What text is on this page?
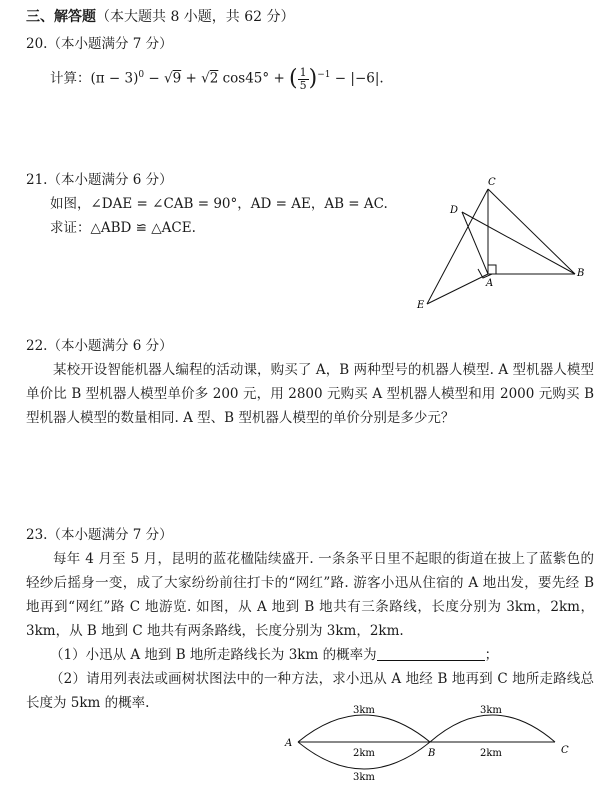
三、解答题（本大题共 8 小题，共 62 分）
20.（本小题满分 7 分）
计算：$(\pi - 3)^0 - √9 + √2$ cos45° + ( $\frac{1}{5} )^{-1} - |-6|$.
21.（本小题满分 6 分）
如图，∠DAE = ∠CAB = 90°，AD = AE，AB = AC.
求证：△ABD ≌ △ACE.
C
D
A
B
E
22.（本小题满分 6 分）
某校开设智能机器人编程的活动课，购买了 A，B 两种型号的机器人模型. A 型机器人模型单价比 B 型机器人模型单价多 200 元，用 2800 元购买 A 型机器人模型和用 2000 元购买 B 型机器人模型的数量相同. A 型、B 型机器人模型的单价分别是多少元？
23.（本小题满分 7 分）
每年 4 月至 5 月，昆明的蓝花楹陆续盛开. 一条条平日里不起眼的街道在披上了蓝紫色的轻纱后摇身一变，成了大家纷纷前往打卡的“网红”路. 游客小迅从住宿的 A 地出发，要先经 B 地再到“网红”路 C 地游览. 如图，从 A 地到 B 地共有三条路线，长度分别为 3km，2km，3km，从 B 地到 C 地共有两条路线，长度分别为 3km，2km.
（1）小迅从 A 地到 B 地所走路线长为 3km 的概率为	；
（2）请用列表法或画树状图法中的一种方法，求小迅从 A 地经 B 地再到 C 地所走路线总长度为 5km 的概率.
A
B	C
3km
2km
3km
3km
2km
